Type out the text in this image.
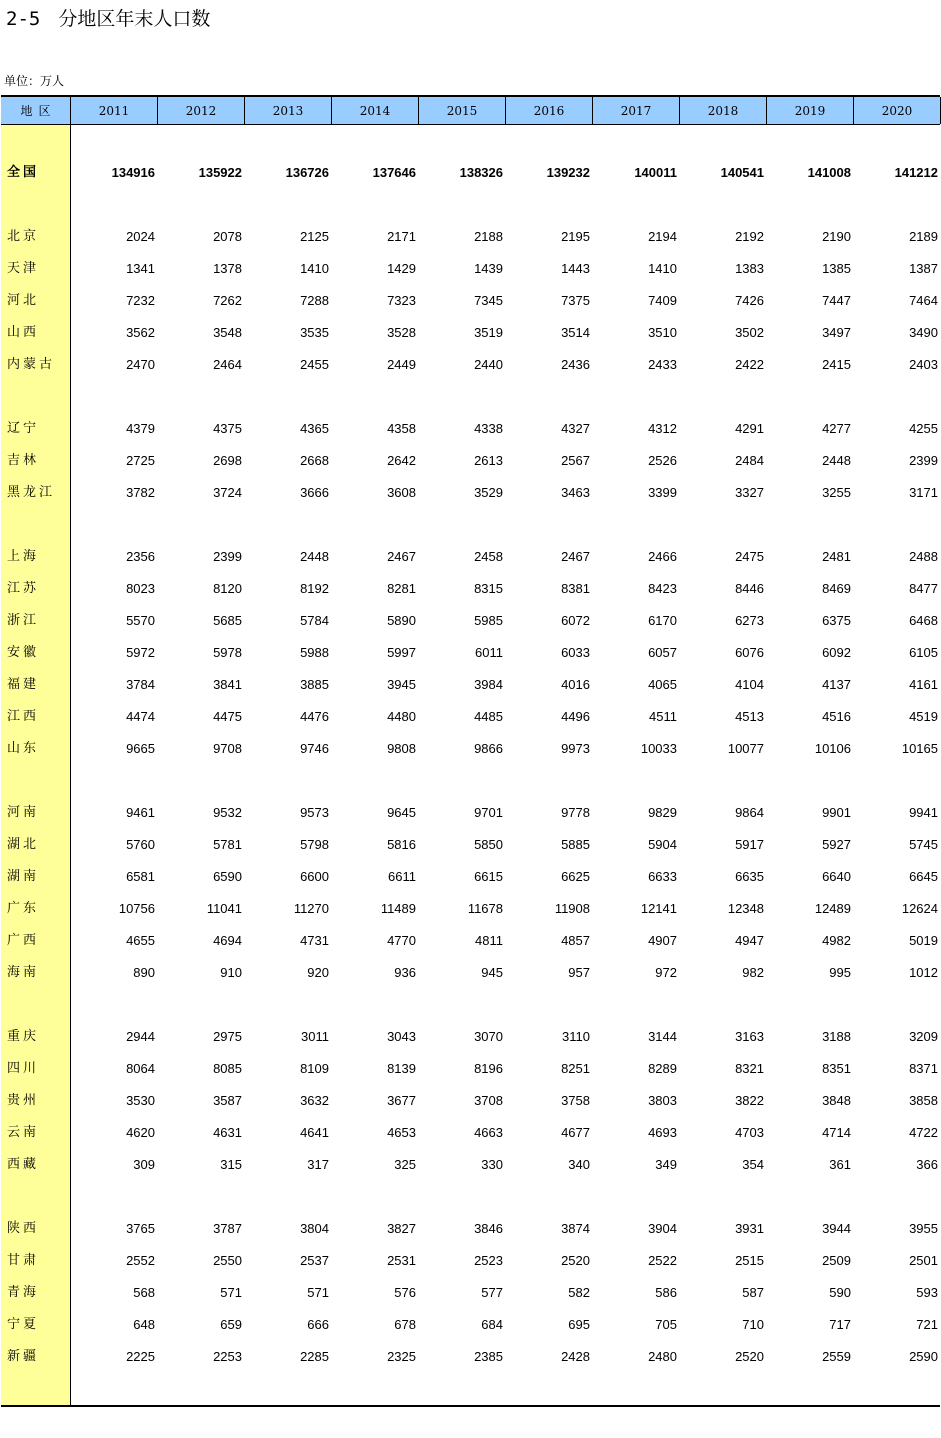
2-5 分地区年末人口数
单位：万人
地区	2011	2012	2013	2014	2015	2016	2017	2018	2019	2020
全国	134916	135922	136726	137646	138326	139232	140011	140541	141008	141212
北京	2024	2078	2125	2171	2188	2195	2194	2192	2190	2189
天津	1341	1378	1410	1429	1439	1443	1410	1383	1385	1387
河北	7232	7262	7288	7323	7345	7375	7409	7426	7447	7464
山西	3562	3548	3535	3528	3519	3514	3510	3502	3497	3490
内蒙古	2470	2464	2455	2449	2440	2436	2433	2422	2415	2403
辽宁	4379	4375	4365	4358	4338	4327	4312	4291	4277	4255
吉林	2725	2698	2668	2642	2613	2567	2526	2484	2448	2399
黑龙江	3782	3724	3666	3608	3529	3463	3399	3327	3255	3171
上海	2356	2399	2448	2467	2458	2467	2466	2475	2481	2488
江苏	8023	8120	8192	8281	8315	8381	8423	8446	8469	8477
浙江	5570	5685	5784	5890	5985	6072	6170	6273	6375	6468
安徽	5972	5978	5988	5997	6011	6033	6057	6076	6092	6105
福建	3784	3841	3885	3945	3984	4016	4065	4104	4137	4161
江西	4474	4475	4476	4480	4485	4496	4511	4513	4516	4519
山东	9665	9708	9746	9808	9866	9973	10033	10077	10106	10165
河南	9461	9532	9573	9645	9701	9778	9829	9864	9901	9941
湖北	5760	5781	5798	5816	5850	5885	5904	5917	5927	5745
湖南	6581	6590	6600	6611	6615	6625	6633	6635	6640	6645
广东	10756	11041	11270	11489	11678	11908	12141	12348	12489	12624
广西	4655	4694	4731	4770	4811	4857	4907	4947	4982	5019
海南	890	910	920	936	945	957	972	982	995	1012
重庆	2944	2975	3011	3043	3070	3110	3144	3163	3188	3209
四川	8064	8085	8109	8139	8196	8251	8289	8321	8351	8371
贵州	3530	3587	3632	3677	3708	3758	3803	3822	3848	3858
云南	4620	4631	4641	4653	4663	4677	4693	4703	4714	4722
西藏	309	315	317	325	330	340	349	354	361	366
陕西	3765	3787	3804	3827	3846	3874	3904	3931	3944	3955
甘肃	2552	2550	2537	2531	2523	2520	2522	2515	2509	2501
青海	568	571	571	576	577	582	586	587	590	593
宁夏	648	659	666	678	684	695	705	710	717	721
新疆	2225	2253	2285	2325	2385	2428	2480	2520	2559	2590
